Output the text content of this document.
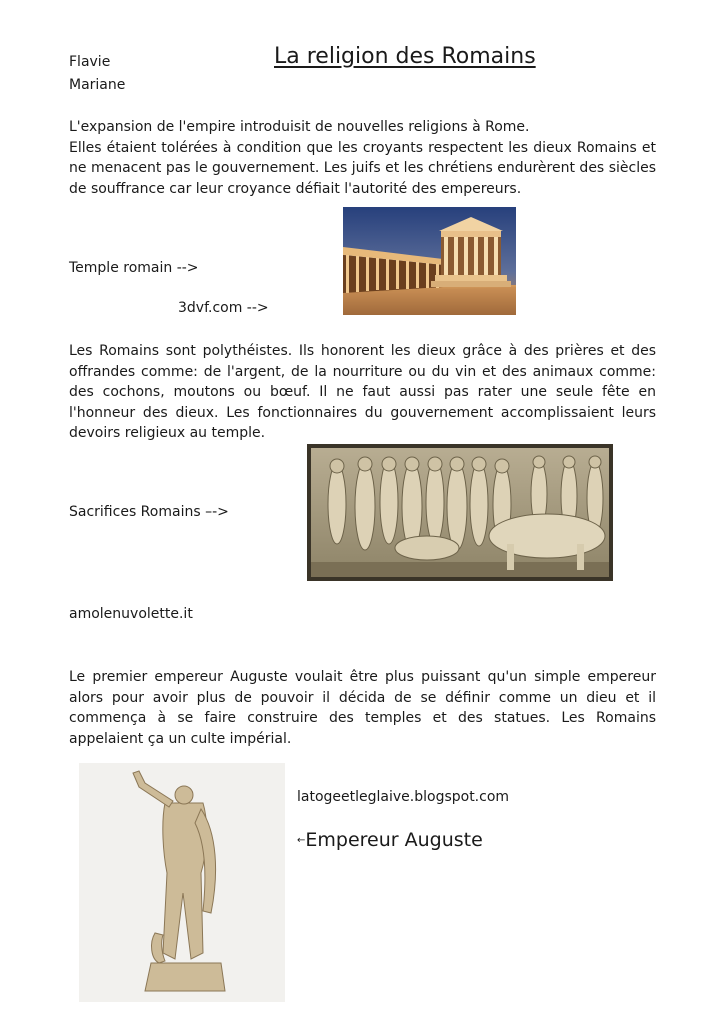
Flavie
Mariane
La religion des Romains

L'expansion de l'empire introduisit de nouvelles religions à Rome.

Elles étaient tolérées à condition que les croyants respectent les dieux Romains et ne menacent pas le gouvernement. Les juifs et les chrétiens endurèrent des siècles de souffrance car leur croyance défiait l'autorité des empereurs.

Temple romain -->
3dvf.com -->
Les Romains sont polythéistes. Ils honorent les dieux grâce à des prières et des offrandes comme: de l'argent, de la nourriture ou du vin et des animaux comme: des cochons, moutons ou bœuf. Il ne faut aussi pas rater une seule fête en l'honneur des dieux. Les fonctionnaires du gouvernement accomplissaient leurs devoirs religieux au temple.
Sacrifices Romains –->
amolenuvolette.it
Le premier empereur Auguste voulait être plus puissant qu'un simple empereur alors pour avoir plus de pouvoir il décida de se définir comme un dieu et il commença à se faire construire des temples et des statues. Les Romains appelaient ça un culte impérial.
latogeetleglaive.blogspot.com
←Empereur Auguste
